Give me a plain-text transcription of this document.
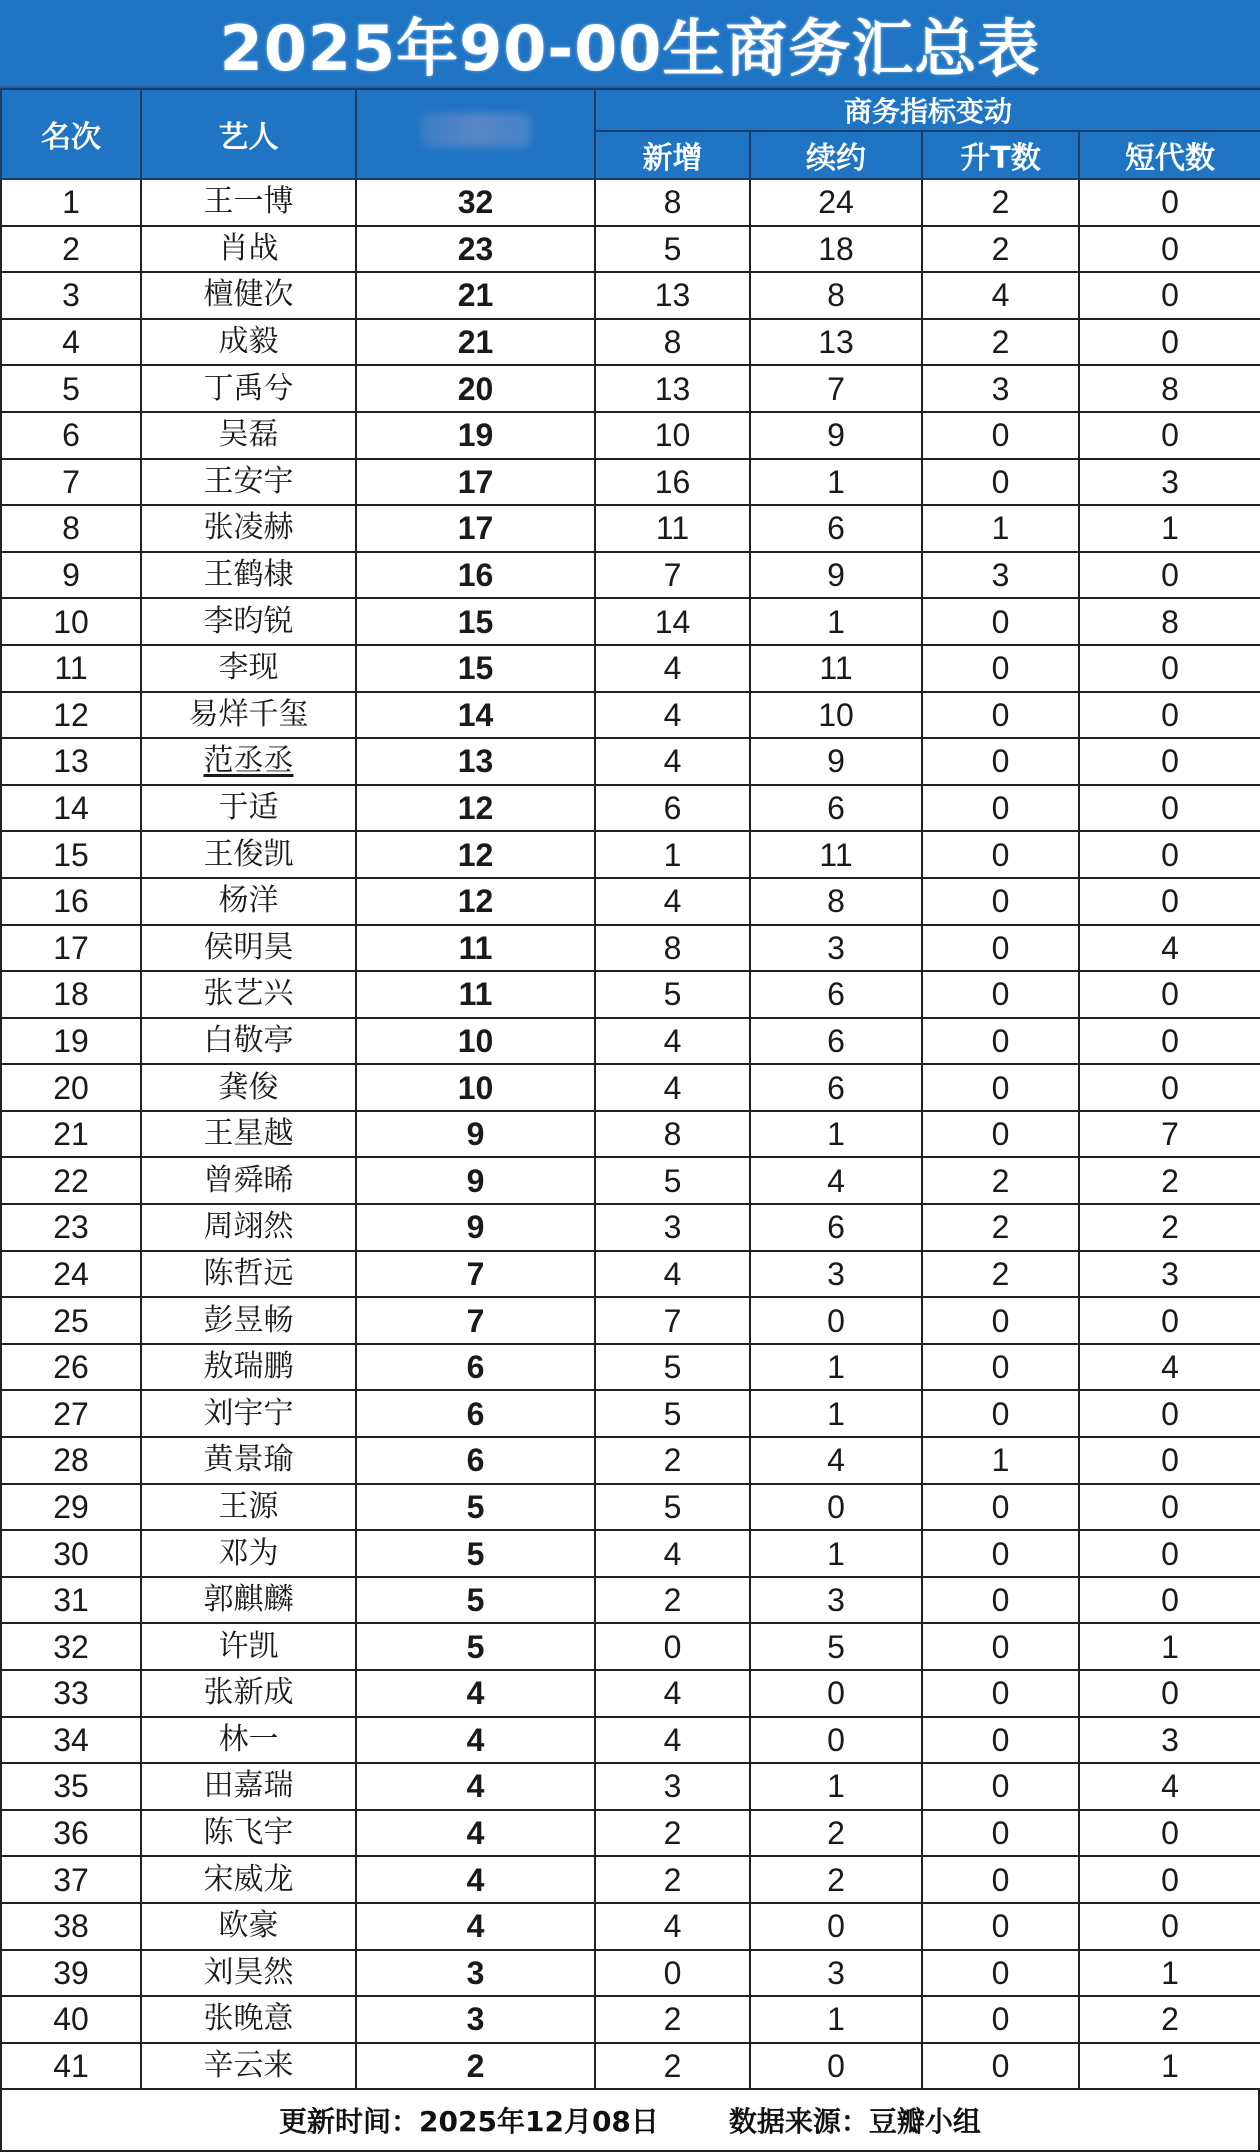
2025年90-00生商务汇总表
名次	艺人		商务指标变动			
			新增	续约	升T数	短代数
1	王一博	32	8	24	2	0
2	肖战	23	5	18	2	0
3	檀健次	21	13	8	4	0
4	成毅	21	8	13	2	0
5	丁禹兮	20	13	7	3	8
6	吴磊	19	10	9	0	0
7	王安宇	17	16	1	0	3
8	张凌赫	17	11	6	1	1
9	王鹤棣	16	7	9	3	0
10	李昀锐	15	14	1	0	8
11	李现	15	4	11	0	0
12	易烊千玺	14	4	10	0	0
13	范丞丞	13	4	9	0	0
14	于适	12	6	6	0	0
15	王俊凯	12	1	11	0	0
16	杨洋	12	4	8	0	0
17	侯明昊	11	8	3	0	4
18	张艺兴	11	5	6	0	0
19	白敬亭	10	4	6	0	0
20	龚俊	10	4	6	0	0
21	王星越	9	8	1	0	7
22	曾舜晞	9	5	4	2	2
23	周翊然	9	3	6	2	2
24	陈哲远	7	4	3	2	3
25	彭昱畅	7	7	0	0	0
26	敖瑞鹏	6	5	1	0	4
27	刘宇宁	6	5	1	0	0
28	黄景瑜	6	2	4	1	0
29	王源	5	5	0	0	0
30	邓为	5	4	1	0	0
31	郭麒麟	5	2	3	0	0
32	许凯	5	0	5	0	1
33	张新成	4	4	0	0	0
34	林一	4	4	0	0	3
35	田嘉瑞	4	3	1	0	4
36	陈飞宇	4	2	2	0	0
37	宋威龙	4	2	2	0	0
38	欧豪	4	4	0	0	0
39	刘昊然	3	0	3	0	1
40	张晚意	3	2	1	0	2
41	辛云来	2	2	0	0	1
更新时间：2025年12月08日	数据来源：豆瓣小组
